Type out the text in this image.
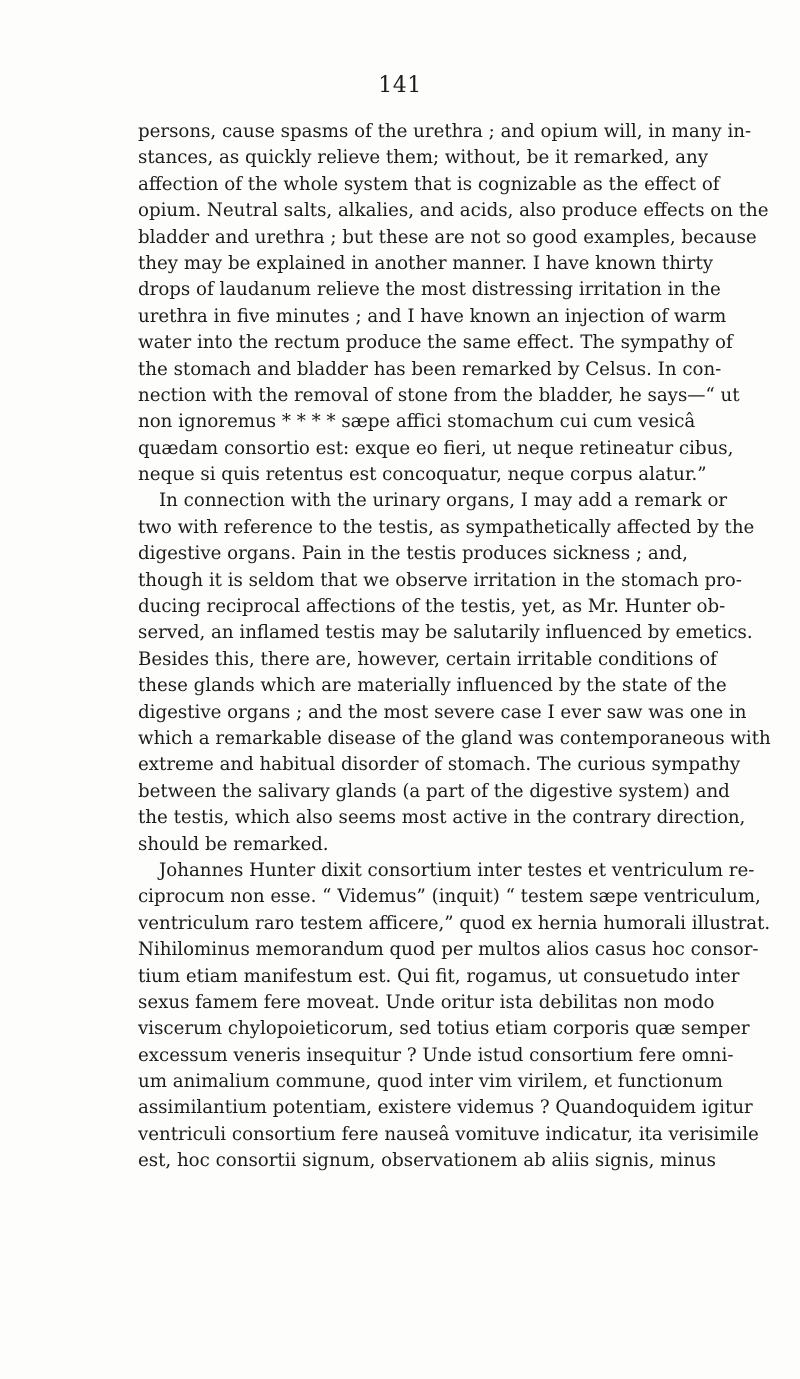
141
persons, cause spasms of the urethra ; and opium will, in many in-
stances, as quickly relieve them; without, be it remarked, any
affection of the whole system that is cognizable as the effect of
opium. Neutral salts, alkalies, and acids, also produce effects on the
bladder and urethra ; but these are not so good examples, because
they may be explained in another manner. I have known thirty
drops of laudanum relieve the most distressing irritation in the
urethra in five minutes ; and I have known an injection of warm
water into the rectum produce the same effect. The sympathy of
the stomach and bladder has been remarked by Celsus. In con-
nection with the removal of stone from the bladder, he says—“ ut
non ignoremus * * * * sæpe affici stomachum cui cum vesicâ
quædam consortio est: exque eo fieri, ut neque retineatur cibus,
neque si quis retentus est concoquatur, neque corpus alatur.”
In connection with the urinary organs, I may add a remark or
two with reference to the testis, as sympathetically affected by the
digestive organs. Pain in the testis produces sickness ; and,
though it is seldom that we observe irritation in the stomach pro-
ducing reciprocal affections of the testis, yet, as Mr. Hunter ob-
served, an inflamed testis may be salutarily influenced by emetics.
Besides this, there are, however, certain irritable conditions of
these glands which are materially influenced by the state of the
digestive organs ; and the most severe case I ever saw was one in
which a remarkable disease of the gland was contemporaneous with
extreme and habitual disorder of stomach. The curious sympathy
between the salivary glands (a part of the digestive system) and
the testis, which also seems most active in the contrary direction,
should be remarked.
Johannes Hunter dixit consortium inter testes et ventriculum re-
ciprocum non esse. “ Videmus” (inquit) “ testem sæpe ventriculum,
ventriculum raro testem afficere,” quod ex hernia humorali illustrat.
Nihilominus memorandum quod per multos alios casus hoc consor-
tium etiam manifestum est. Qui fit, rogamus, ut consuetudo inter
sexus famem fere moveat. Unde oritur ista debilitas non modo
viscerum chylopoieticorum, sed totius etiam corporis quæ semper
excessum veneris insequitur ? Unde istud consortium fere omni-
um animalium commune, quod inter vim virilem, et functionum
assimilantium potentiam, existere videmus ? Quandoquidem igitur
ventriculi consortium fere nauseâ vomituve indicatur, ita verisimile
est, hoc consortii signum, observationem ab aliis signis, minus
